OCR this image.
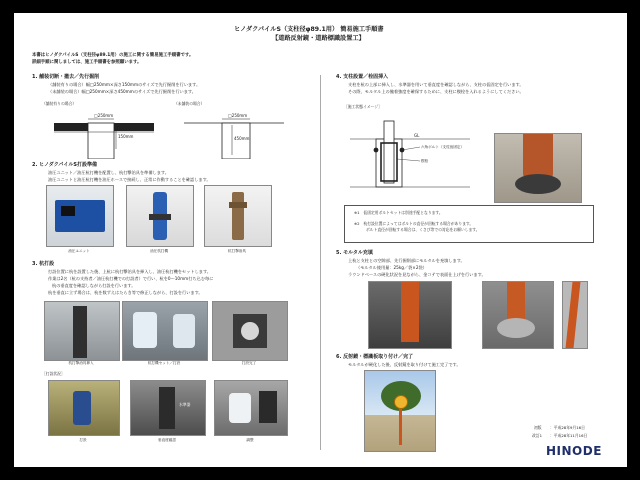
ヒノダクパイルS（支柱径φ89.1用） 簡易施工手順書
【道路反射鏡・道路標識設置工】
本書はヒノダクパイルS（支柱径φ89.1用）の施工に関する簡易施工手順書です。
詳細手順に関しましては、施工手順書を参照願います。
1. 舗装切断・撤去／先行掘削
（舗装有りの場合）幅□250mm×深さ150mmのサイズで先行掘削を行います。
（未舗装の場合）幅□250mm×深さ450mmのサイズで先行掘削を行います。
（舗装有りの場合）	（未舗装の場合）
□250mm
150mm
□250mm
450mm
2. ヒノダクパイルS打設準備
油圧ユニット／油圧杭打機を配置し、杭打撃治具を準備します。
油圧ユニットと油圧杭打機を油圧ホースで接続し、正常に作動することを確認します。
油圧ユニット	油圧杭打機	杭打撃治具
3. 杭打設
打設位置に杭を設置した後、上杭に杭打撃治具を挿入し、油圧杭打機をセットします。
作業は2名（杭の支持者／油圧杭打機での打設者）で行い、杭を0〜10mm打ち込む毎に
杭の垂直度を確認しながら打設を行います。
杭を垂直に立ず場合は、杭を数ずえはたらき等で修正しながら、打設を行います。
杭打撃治具挿入	杭打機セット／打設	打設完了
［打設状況］
水準器
打設	垂直度確認	調整
4. 支柱設置／栓固挿入
支柱を杭の上部に挿入し、水準器を用いて垂直度を確認しながら、支柱の仮固定を行います。
その際、モルタル上の撤着強度を確保するために、支柱に楔栓を入れるようにしてください。
［施工状態イメージ］
GL
六角ボルト（支柱仮固定）
楔栓
※1　仮固定用ボルトセットは別途手配となります。
※2　杭打設位置によってはボルトの直径が回転する場合があります。
ボルト直径が回転する場合は、くさび等での対応をお願いします。
5. モルタル充填
上杭と支柱との空隙部、先行掘削部にモルタルを充填します。
（モルタル使用量：25kg／袋×2袋）
ラウンドベースの硬化状況を見ながら、金コテで表面仕上げを行います。
6. 反射鏡・標識板取り付け／完了
モルタルが硬化した後、反射鏡を取り付けて施工完了です。
初版 ：平成28年9月16日
改訂1 ：平成28年11月16日
HINODE
